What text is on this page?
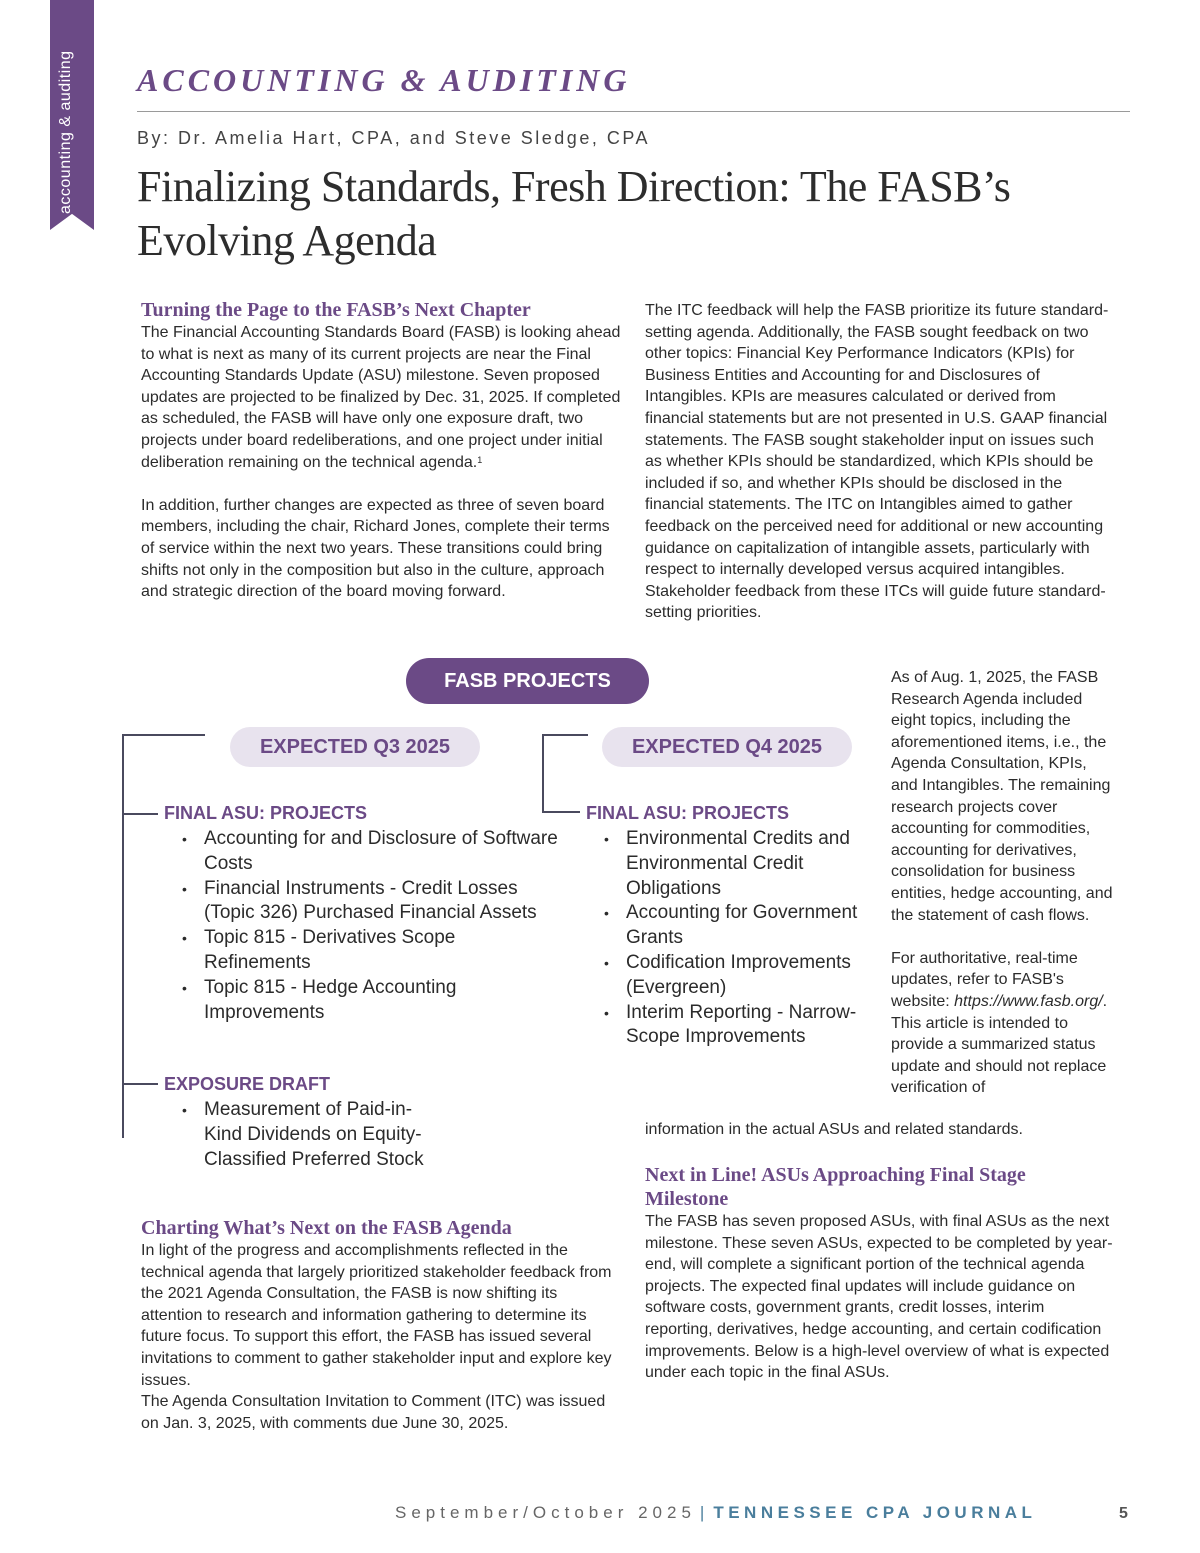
accounting & auditing ACCOUNTING & AUDITING
By: Dr. Amelia Hart, CPA, and Steve Sledge, CPA
Finalizing Standards, Fresh Direction: The FASB’s Evolving Agenda
Turning the Page to the FASB’s Next Chapter

The Financial Accounting Standards Board (FASB) is looking ahead to what is next as many of its current projects are near the Final Accounting Standards Update (ASU) milestone. Seven proposed updates are projected to be finalized by Dec. 31, 2025. If completed as scheduled, the FASB will have only one exposure draft, two projects under board redeliberations, and one project under initial deliberation remaining on the technical agenda.$^1$

In addition, further changes are expected as three of seven board members, including the chair, Richard Jones, complete their terms of service within the next two years. These transitions could bring shifts not only in the composition but also in the culture, approach and strategic direction of the board moving forward.

The ITC feedback will help the FASB prioritize its future standard-setting agenda. Additionally, the FASB sought feedback on two other topics: Financial Key Performance Indicators (KPIs) for Business Entities and Accounting for and Disclosures of Intangibles. KPIs are measures calculated or derived from financial statements but are not presented in U.S. GAAP financial statements. The FASB sought stakeholder input on issues such as whether KPIs should be standardized, which KPIs should be included if so, and whether KPIs should be disclosed in the financial statements. The ITC on Intangibles aimed to gather feedback on the perceived need for additional or new accounting guidance on capitalization of intangible assets, particularly with respect to internally developed versus acquired intangibles. Stakeholder feedback from these ITCs will guide future standard-setting priorities.

FASB PROJECTS
EXPECTED Q3 2025	EXPECTED Q4 2025
FINAL ASU: PROJECTS
• Accounting for and Disclosure of Software Costs
• Financial Instruments - Credit Losses (Topic 326) Purchased Financial Assets
• Topic 815 - Derivatives Scope Refinements
• Topic 815 - Hedge Accounting Improvements
EXPOSURE DRAFT
• Measurement of Paid-in-Kind Dividends on Equity-Classified Preferred Stock
FINAL ASU: PROJECTS
• Environmental Credits and Environmental Credit Obligations
• Accounting for Government Grants
• Codification Improvements (Evergreen)
• Interim Reporting - Narrow-Scope Improvements

As of Aug. 1, 2025, the FASB Research Agenda included eight topics, including the aforementioned items, i.e., the Agenda Consultation, KPIs, and Intangibles. The remaining research projects cover accounting for commodities, accounting for derivatives, consolidation for business entities, hedge accounting, and the statement of cash flows.

For authoritative, real-time updates, refer to FASB's website: https://www.fasb.org/. This article is intended to provide a summarized status update and should not replace verification of

information in the actual ASUs and related standards.

Next in Line! ASUs Approaching Final Stage Milestone

The FASB has seven proposed ASUs, with final ASUs as the next milestone. These seven ASUs, expected to be completed by year-end, will complete a significant portion of the technical agenda projects. The expected final updates will include guidance on software costs, government grants, credit losses, interim reporting, derivatives, hedge accounting, and certain codification improvements. Below is a high-level overview of what is expected under each topic in the final ASUs.

Charting What’s Next on the FASB Agenda

In light of the progress and accomplishments reflected in the technical agenda that largely prioritized stakeholder feedback from the 2021 Agenda Consultation, the FASB is now shifting its attention to research and information gathering to determine its future focus. To support this effort, the FASB has issued several invitations to comment to gather stakeholder input and explore key issues.

The Agenda Consultation Invitation to Comment (ITC) was issued on Jan. 3, 2025, with comments due June 30, 2025.

September/October 2025 | TENNESSEE CPA JOURNAL	5
